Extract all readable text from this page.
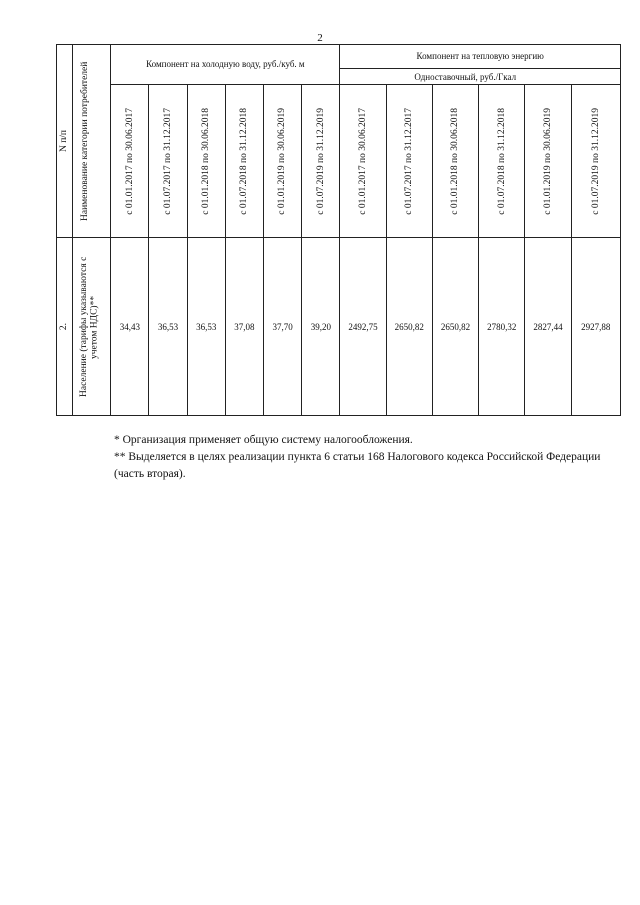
2
N п/п	Наименование категории потребителей	Компонент на холодную воду, руб./куб. м						Компонент на тепловую энергию					
								Одноставочный, руб./Гкал					

		с 01.01.2017 по 30.06.2017	с 01.07.2017 по 31.12.2017	с 01.01.2018 по 30.06.2018	с 01.07.2018 по 31.12.2018	с 01.01.2019 по 30.06.2019	с 01.07.2019 по 31.12.2019	с 01.01.2017 по 30.06.2017	с 01.07.2017 по 31.12.2017	с 01.01.2018 по 30.06.2018	с 01.07.2018 по 31.12.2018	с 01.01.2019 по 30.06.2019	с 01.07.2019 по 31.12.2019

2.	Население (тарифы указываются с учетом НДС)**	34,43	36,53	36,53	37,08	37,70	39,20	2492,75	2650,82	2650,82	2780,32	2827,44	2927,88

* Организация применяет общую систему налогообложения.

** Выделяется в целях реализации пункта 6 статьи 168 Налогового кодекса Российской Федерации (часть вторая).
